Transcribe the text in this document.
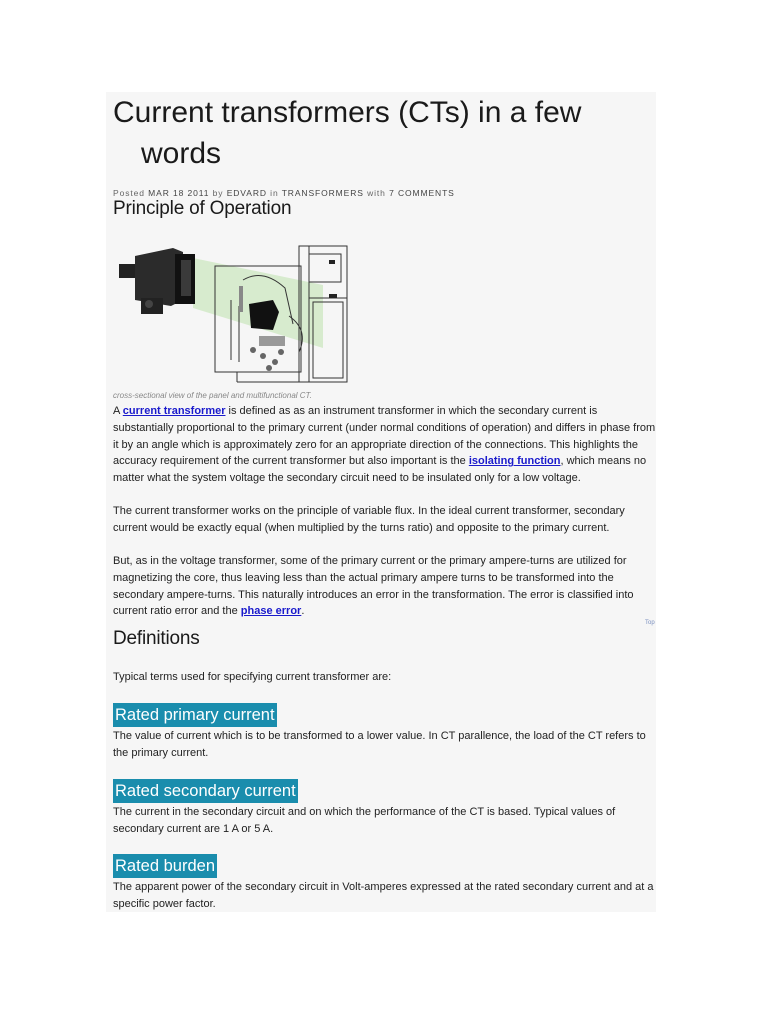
Current transformers (CTs) in a few
words
Posted MAR 18 2011 by EDVARD in TRANSFORMERS with 7 COMMENTS
Principle of Operation
cross-sectional view of the panel and multifunctional CT.

A current transformer is defined as as an instrument transformer in which the secondary current is substantially proportional to the primary current (under normal conditions of operation) and differs in phase from it by an angle which is approximately zero for an appropriate direction of the connections. This highlights the accuracy requirement of the current transformer but also important is the isolating function, which means no matter what the system voltage the secondary circuit need to be insulated only for a low voltage.

The current transformer works on the principle of variable flux. In the ideal current transformer, secondary current would be exactly equal (when multiplied by the turns ratio) and opposite to the primary current.

But, as in the voltage transformer, some of the primary current or the primary ampere-turns are utilized for magnetizing the core, thus leaving less than the actual primary ampere turns to be transformed into the secondary ampere-turns. This naturally introduces an error in the transformation. The error is classified into current ratio error and the phase error.

Top
Definitions

Typical terms used for specifying current transformer are:

Rated primary current

The value of current which is to be transformed to a lower value. In CT parallence, the load of the CT refers to the primary current.

Rated secondary current

The current in the secondary circuit and on which the performance of the CT is based. Typical values of secondary current are 1 A or 5 A.

Rated burden

The apparent power of the secondary circuit in Volt-amperes expressed at the rated secondary current and at a specific power factor.
